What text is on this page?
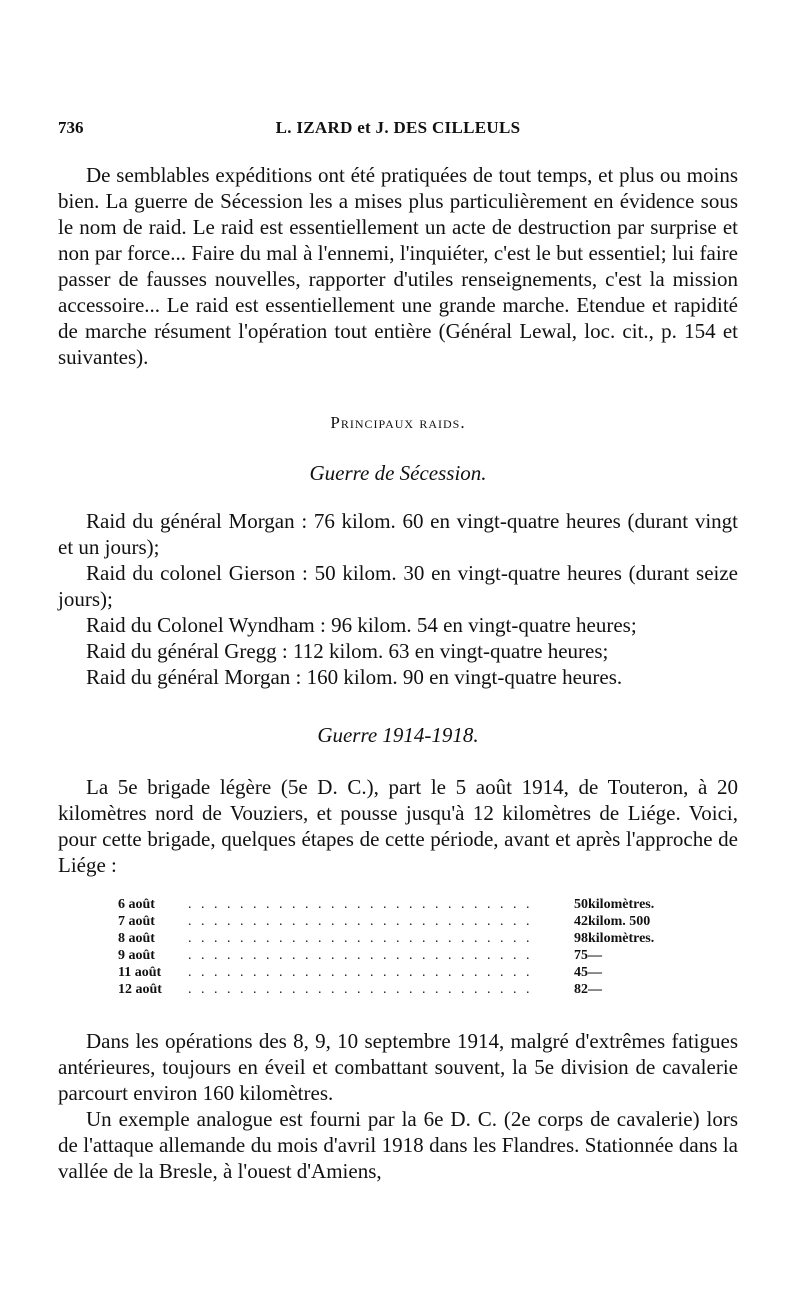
736	L. IZARD et J. DES CILLEULS

De semblables expéditions ont été pratiquées de tout temps, et plus ou moins bien. La guerre de Sécession les a mises plus particulièrement en évidence sous le nom de raid. Le raid est essentiellement un acte de destruction par surprise et non par force... Faire du mal à l'ennemi, l'inquiéter, c'est le but essentiel; lui faire passer de fausses nouvelles, rapporter d'utiles renseignements, c'est la mission accessoire... Le raid est essentiellement une grande marche. Etendue et rapidité de marche résument l'opération tout entière (Général Lewal, loc. cit., p. 154 et suivantes).

Principaux raids.
Guerre de Sécession.

Raid du général Morgan : 76 kilom. 60 en vingt-quatre heures (durant vingt et un jours);

Raid du colonel Gierson : 50 kilom. 30 en vingt-quatre heures (durant seize jours);

Raid du Colonel Wyndham : 96 kilom. 54 en vingt-quatre heures;

Raid du général Gregg : 112 kilom. 63 en vingt-quatre heures;

Raid du général Morgan : 160 kilom. 90 en vingt-quatre heures.

Guerre 1914-1918.

La 5e brigade légère (5e D. C.), part le 5 août 1914, de Touteron, à 20 kilomètres nord de Vouziers, et pousse jusqu'à 12 kilomètres de Liége. Voici, pour cette brigade, quelques étapes de cette période, avant et après l'approche de Liége :

6 août	. . . . . . . . . . . . . . . . . . . . . . . . . . .	50	kilomètres.
7 août	. . . . . . . . . . . . . . . . . . . . . . . . . . .	42	kilom. 500
8 août	. . . . . . . . . . . . . . . . . . . . . . . . . . .	98	kilomètres.
9 août	. . . . . . . . . . . . . . . . . . . . . . . . . . .	75	—
11 août	. . . . . . . . . . . . . . . . . . . . . . . . . . .	45	—
12 août	. . . . . . . . . . . . . . . . . . . . . . . . . . .	82	—

Dans les opérations des 8, 9, 10 septembre 1914, malgré d'extrêmes fatigues antérieures, toujours en éveil et combattant souvent, la 5e division de cavalerie parcourt environ 160 kilomètres.

Un exemple analogue est fourni par la 6e D. C. (2e corps de cavalerie) lors de l'attaque allemande du mois d'avril 1918 dans les Flandres. Stationnée dans la vallée de la Bresle, à l'ouest d'Amiens,
